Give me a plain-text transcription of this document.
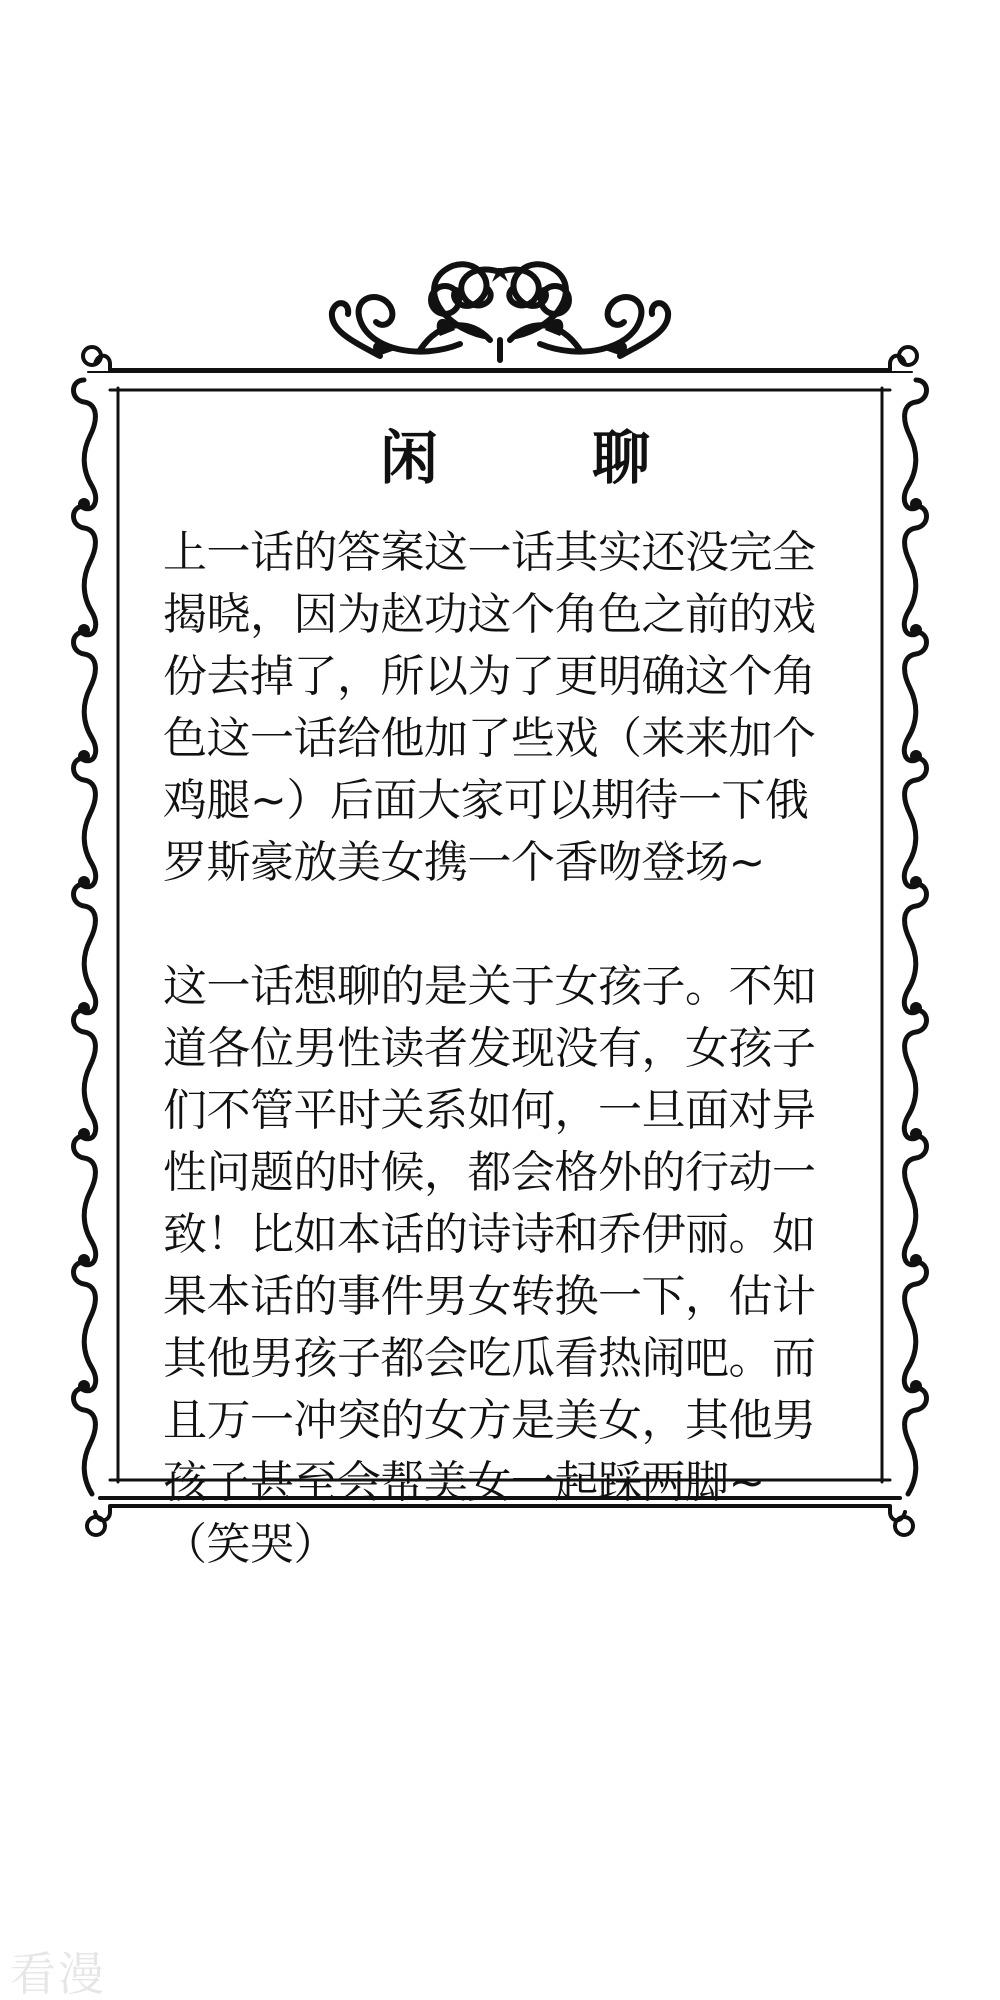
闲	聊
上一话的答案这一话其实还没完全
揭晓，因为赵功这个角色之前的戏
份去掉了，所以为了更明确这个角
色这一话给他加了些戏（来来加个
鸡腿~）后面大家可以期待一下俄
罗斯豪放美女携一个香吻登场~
这一话想聊的是关于女孩子。不知
道各位男性读者发现没有，女孩子
们不管平时关系如何，一旦面对异
性问题的时候，都会格外的行动一
致！比如本话的诗诗和乔伊丽。如
果本话的事件男女转换一下，估计
其他男孩子都会吃瓜看热闹吧。而
且万一冲突的女方是美女，其他男
孩子甚至会帮美女一起踩两脚~
（笑哭）
看漫
